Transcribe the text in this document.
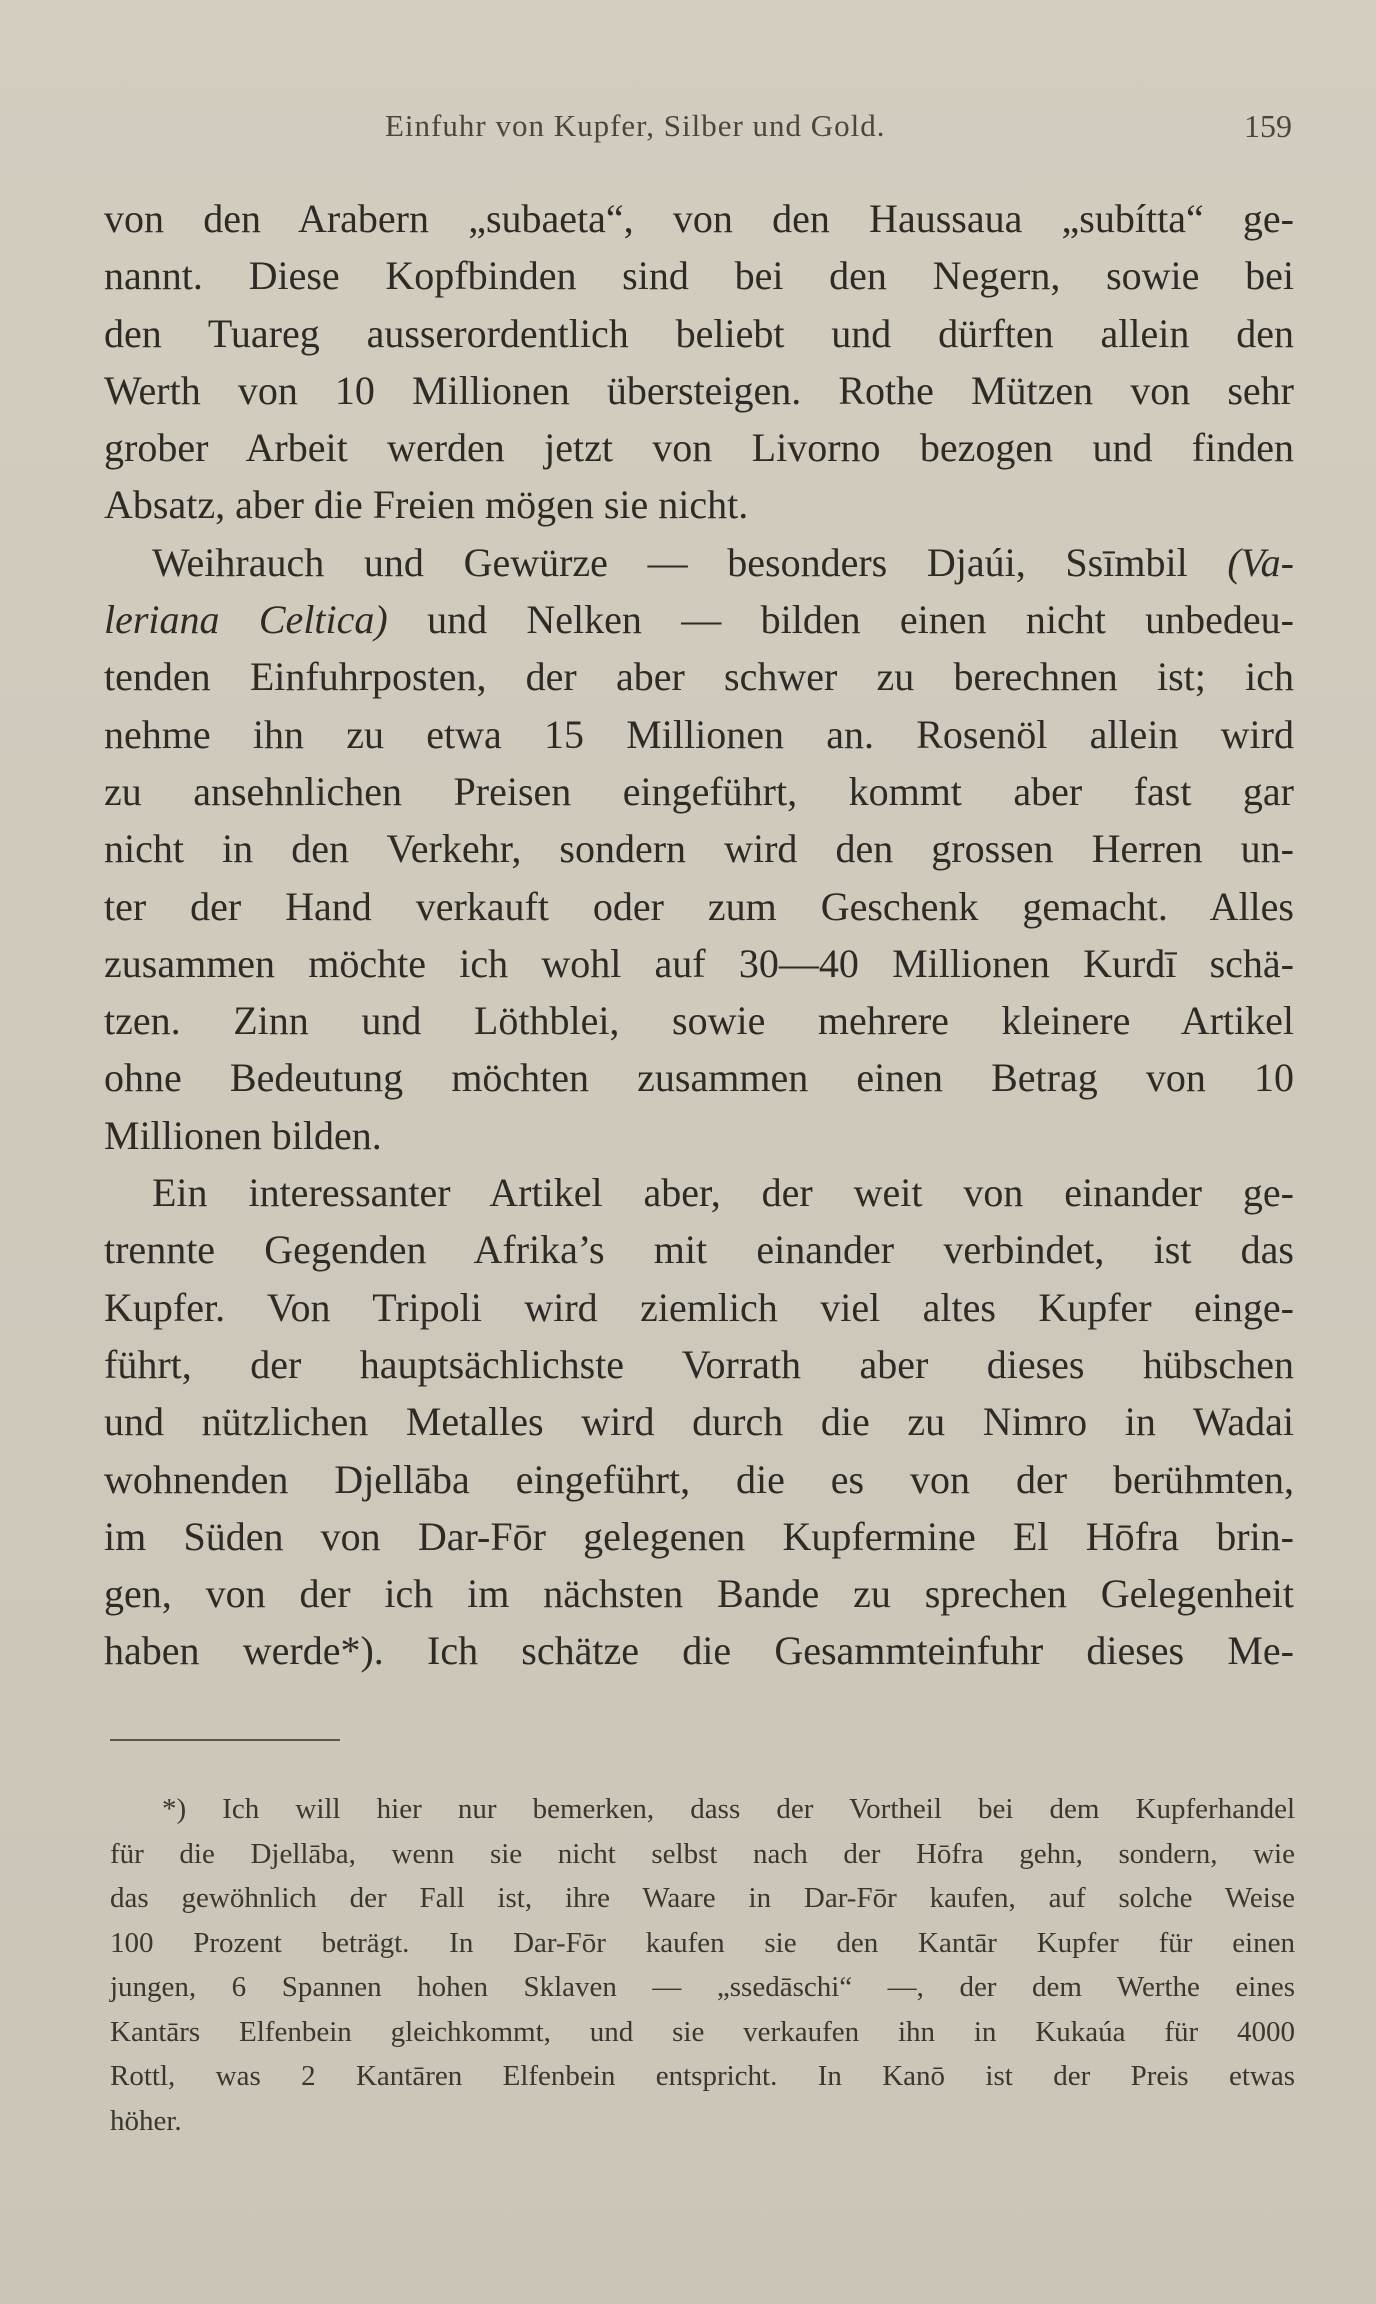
Einfuhr von Kupfer, Silber und Gold.	159
von den Arabern „subaeta“, von den Haussaua „subítta“ ge-
nannt. Diese Kopfbinden sind bei den Negern, sowie bei
den Tuareg ausserordentlich beliebt und dürften allein den
Werth von 10 Millionen übersteigen. Rothe Mützen von sehr
grober Arbeit werden jetzt von Livorno bezogen und finden
Absatz, aber die Freien mögen sie nicht.
Weihrauch und Gewürze — besonders Djaúi, Ssīmbil (Va-
leriana Celtica) und Nelken — bilden einen nicht unbedeu-
tenden Einfuhrposten, der aber schwer zu berechnen ist; ich
nehme ihn zu etwa 15 Millionen an. Rosenöl allein wird
zu ansehnlichen Preisen eingeführt, kommt aber fast gar
nicht in den Verkehr, sondern wird den grossen Herren un-
ter der Hand verkauft oder zum Geschenk gemacht. Alles
zusammen möchte ich wohl auf 30—40 Millionen Kurdī schä-
tzen. Zinn und Löthblei, sowie mehrere kleinere Artikel
ohne Bedeutung möchten zusammen einen Betrag von 10
Millionen bilden.
Ein interessanter Artikel aber, der weit von einander ge-
trennte Gegenden Afrika’s mit einander verbindet, ist das
Kupfer. Von Tripoli wird ziemlich viel altes Kupfer einge-
führt, der hauptsächlichste Vorrath aber dieses hübschen
und nützlichen Metalles wird durch die zu Nimro in Wadai
wohnenden Djellāba eingeführt, die es von der berühmten,
im Süden von Dar-Fōr gelegenen Kupfermine El Hōfra brin-
gen, von der ich im nächsten Bande zu sprechen Gelegenheit
haben werde*). Ich schätze die Gesammteinfuhr dieses Me-
*) Ich will hier nur bemerken, dass der Vortheil bei dem Kupferhandel
für die Djellāba, wenn sie nicht selbst nach der Hōfra gehn, sondern, wie
das gewöhnlich der Fall ist, ihre Waare in Dar-Fōr kaufen, auf solche Weise
100 Prozent beträgt. In Dar-Fōr kaufen sie den Kantār Kupfer für einen
jungen, 6 Spannen hohen Sklaven — „ssedāschi“ —, der dem Werthe eines
Kantārs Elfenbein gleichkommt, und sie verkaufen ihn in Kukaúa für 4000
Rottl, was 2 Kantāren Elfenbein entspricht. In Kanō ist der Preis etwas
höher.
